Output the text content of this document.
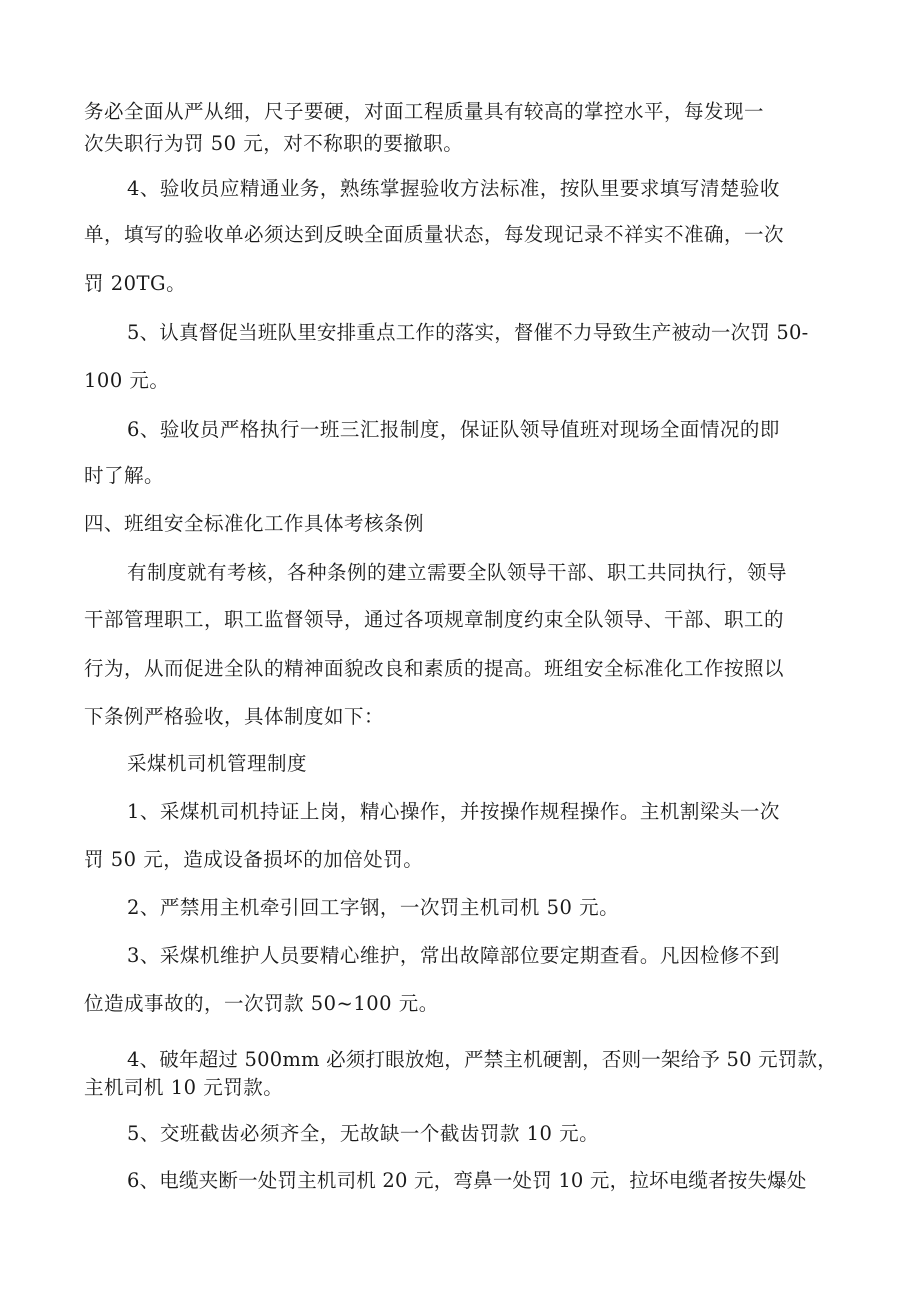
务必全面从严从细，尺子要硬，对面工程质量具有较高的掌控水平，每发现一
次失职行为罚 50 元，对不称职的要撤职。
4、验收员应精通业务，熟练掌握验收方法标准，按队里要求填写清楚验收
单，填写的验收单必须达到反映全面质量状态，每发现记录不祥实不准确，一次
罚 20TG。
5、认真督促当班队里安排重点工作的落实，督催不力导致生产被动一次罚 50-
100 元。
6、验收员严格执行一班三汇报制度，保证队领导值班对现场全面情况的即
时了解。
四、班组安全标准化工作具体考核条例
有制度就有考核，各种条例的建立需要全队领导干部、职工共同执行，领导
干部管理职工，职工监督领导，通过各项规章制度约束全队领导、干部、职工的
行为，从而促进全队的精神面貌改良和素质的提高。班组安全标准化工作按照以
下条例严格验收，具体制度如下：
采煤机司机管理制度
1、采煤机司机持证上岗，精心操作，并按操作规程操作。主机割梁头一次
罚 50 元，造成设备损坏的加倍处罚。
2、严禁用主机牵引回工字钢，一次罚主机司机 50 元。
3、采煤机维护人员要精心维护，常出故障部位要定期查看。凡因检修不到
位造成事故的，一次罚款 50~100 元。
4、破年超过 500mm 必须打眼放炮，严禁主机硬割，否则一架给予 50 元罚款，
主机司机 10 元罚款。
5、交班截齿必须齐全，无故缺一个截齿罚款 10 元。
6、电缆夹断一处罚主机司机 20 元，弯鼻一处罚 10 元，拉坏电缆者按失爆处
